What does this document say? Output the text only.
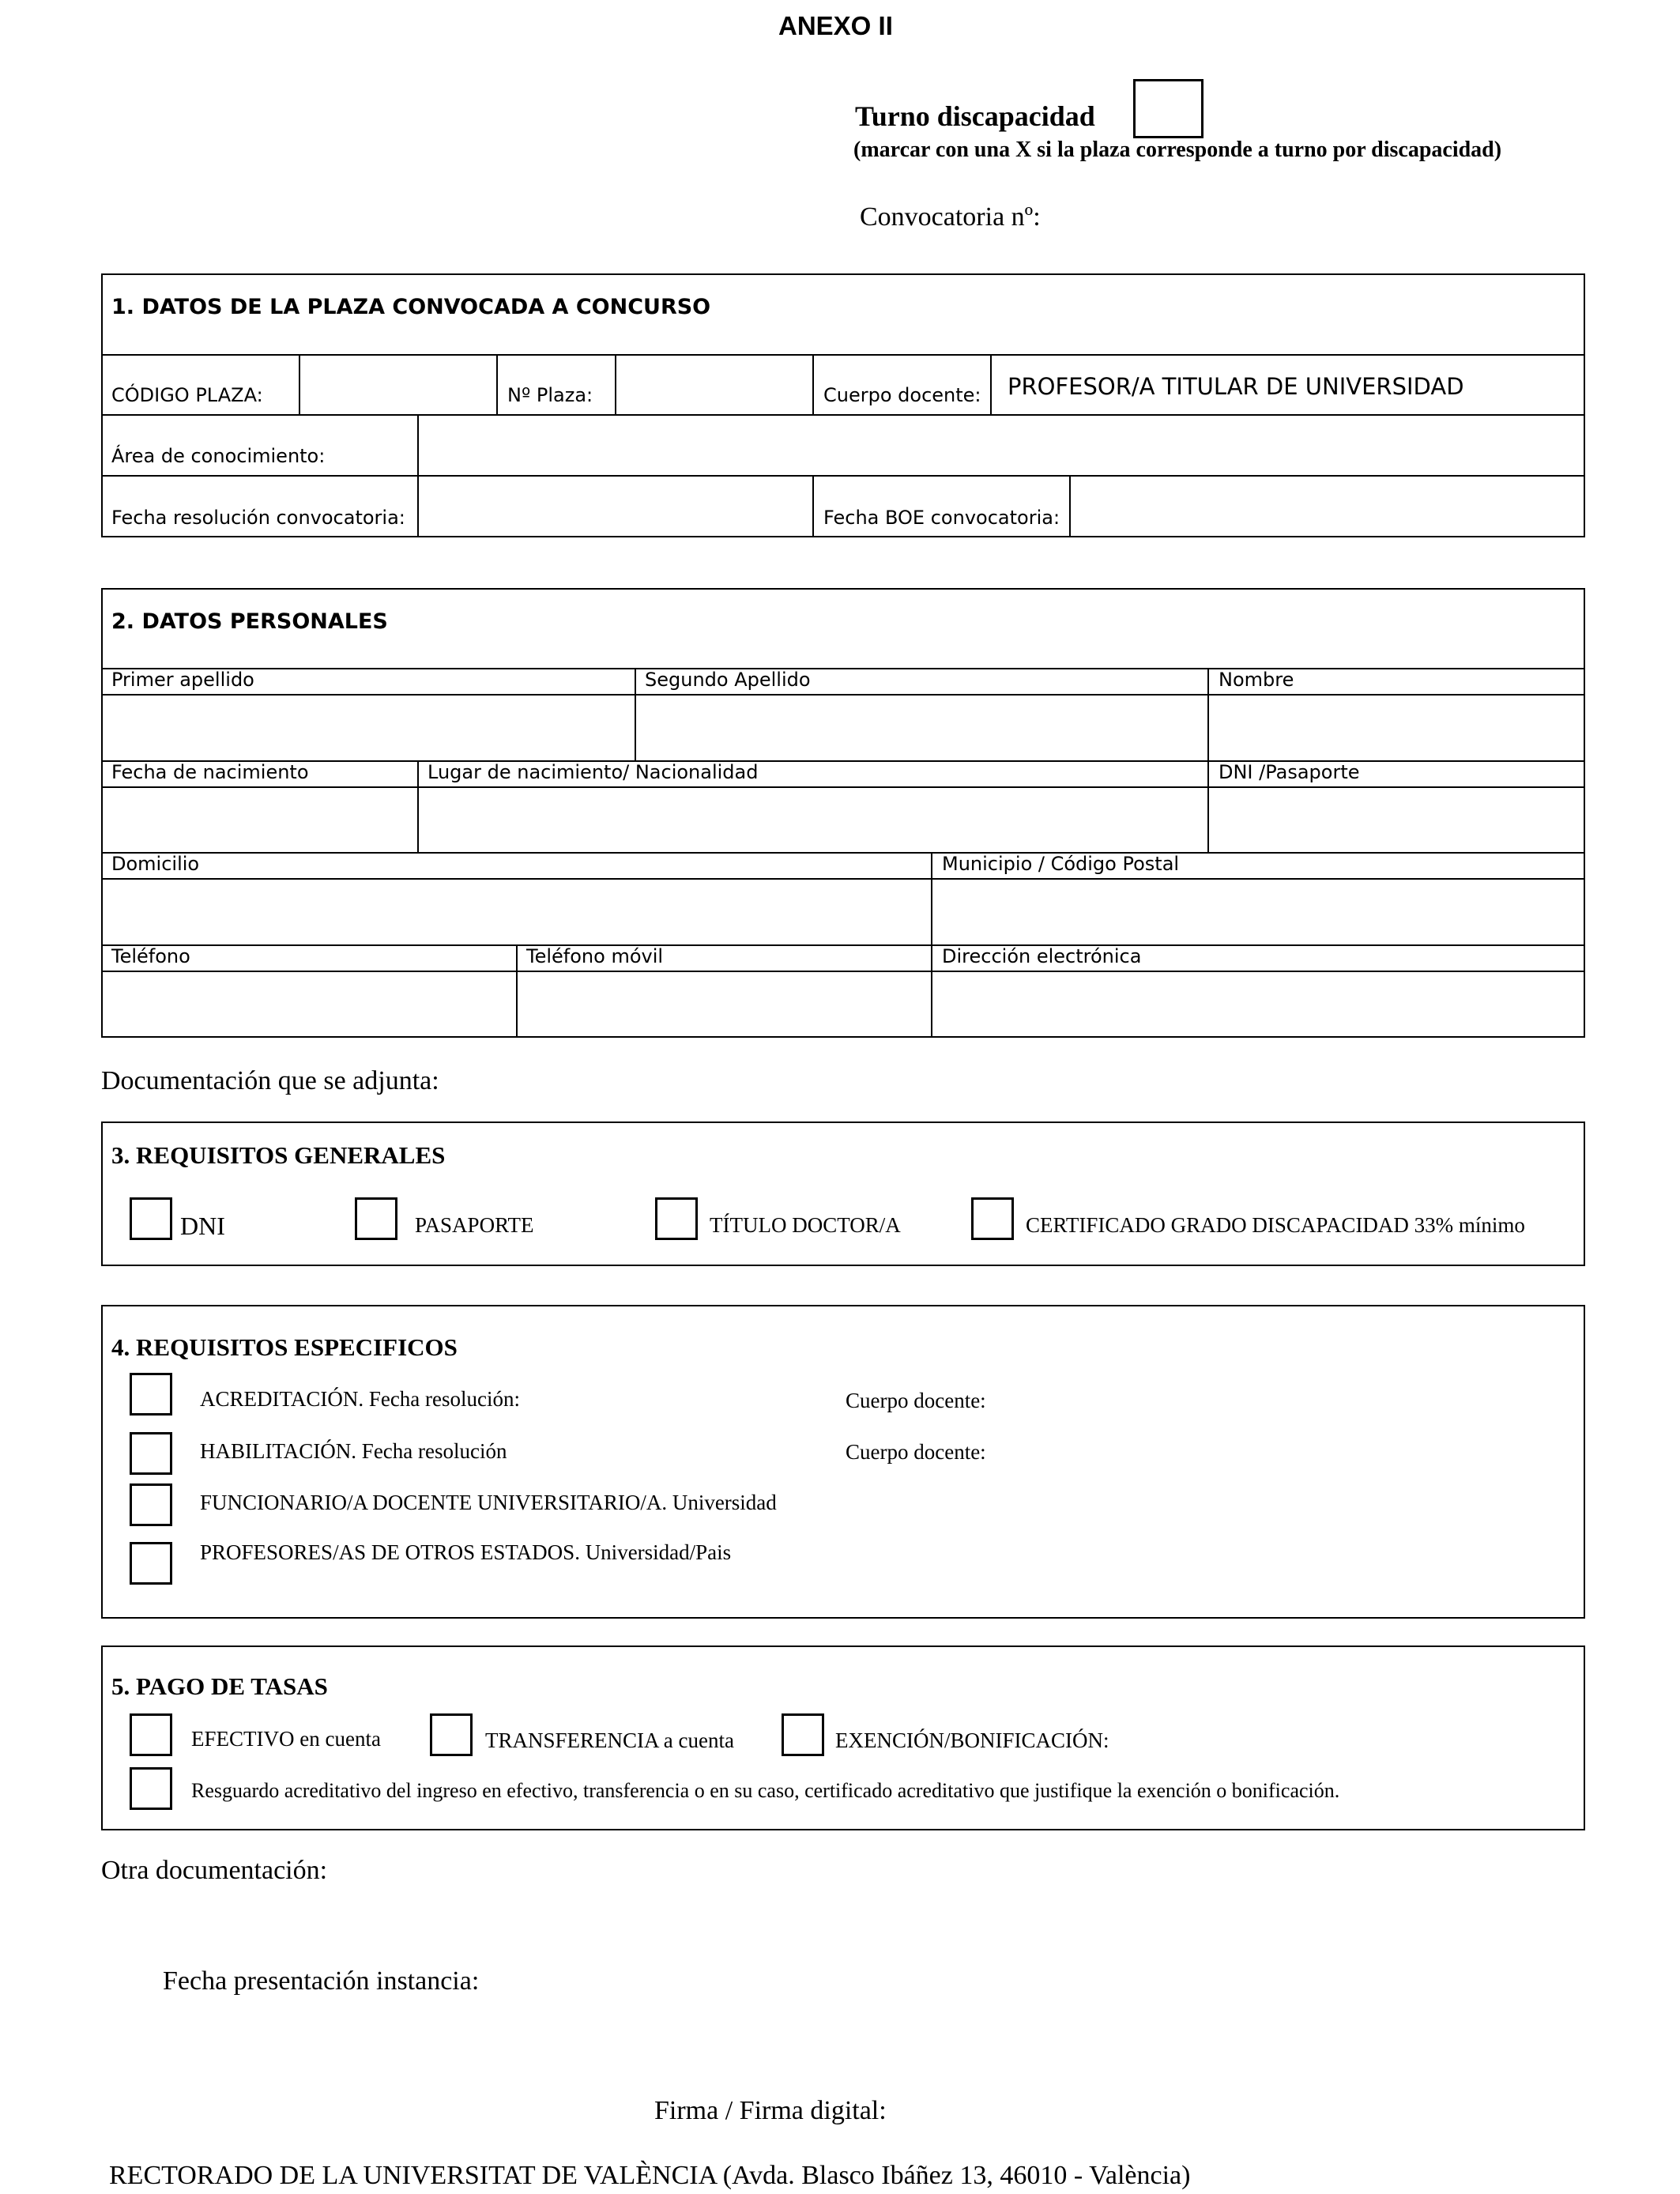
ANEXO II
Turno discapacidad
(marcar con una X si la plaza corresponde a turno por discapacidad)
Convocatoria nº:
1. DATOS DE LA PLAZA CONVOCADA A CONCURSO
CÓDIGO PLAZA:	Nº Plaza:	Cuerpo docente: PROFESOR/A TITULAR DE UNIVERSIDAD
Área de conocimiento:
Fecha resolución convocatoria:	Fecha BOE convocatoria:
2. DATOS PERSONALES
Primer apellido	Segundo Apellido	Nombre
Fecha de nacimiento	Lugar de nacimiento/ Nacionalidad	DNI /Pasaporte
Domicilio	Municipio / Código Postal
Teléfono	Teléfono móvil	Dirección electrónica
Documentación que se adjunta:
3. REQUISITOS GENERALES
DNI	PASAPORTE	TÍTULO DOCTOR/A	CERTIFICADO GRADO DISCAPACIDAD 33% mínimo
4. REQUISITOS ESPECIFICOS
ACREDITACIÓN. Fecha resolución:	Cuerpo docente:
HABILITACIÓN. Fecha resolución	Cuerpo docente:
FUNCIONARIO/A DOCENTE UNIVERSITARIO/A. Universidad
PROFESORES/AS DE OTROS ESTADOS. Universidad/Pais
5. PAGO DE TASAS
EFECTIVO en cuenta	TRANSFERENCIA a cuenta	EXENCIÓN/BONIFICACIÓN:
Resguardo acreditativo del ingreso en efectivo, transferencia o en su caso, certificado acreditativo que justifique la exención o bonificación.
Otra documentación:
Fecha presentación instancia:
Firma / Firma digital:
RECTORADO DE LA UNIVERSITAT DE VALÈNCIA (Avda. Blasco Ibáñez 13, 46010 - València)
